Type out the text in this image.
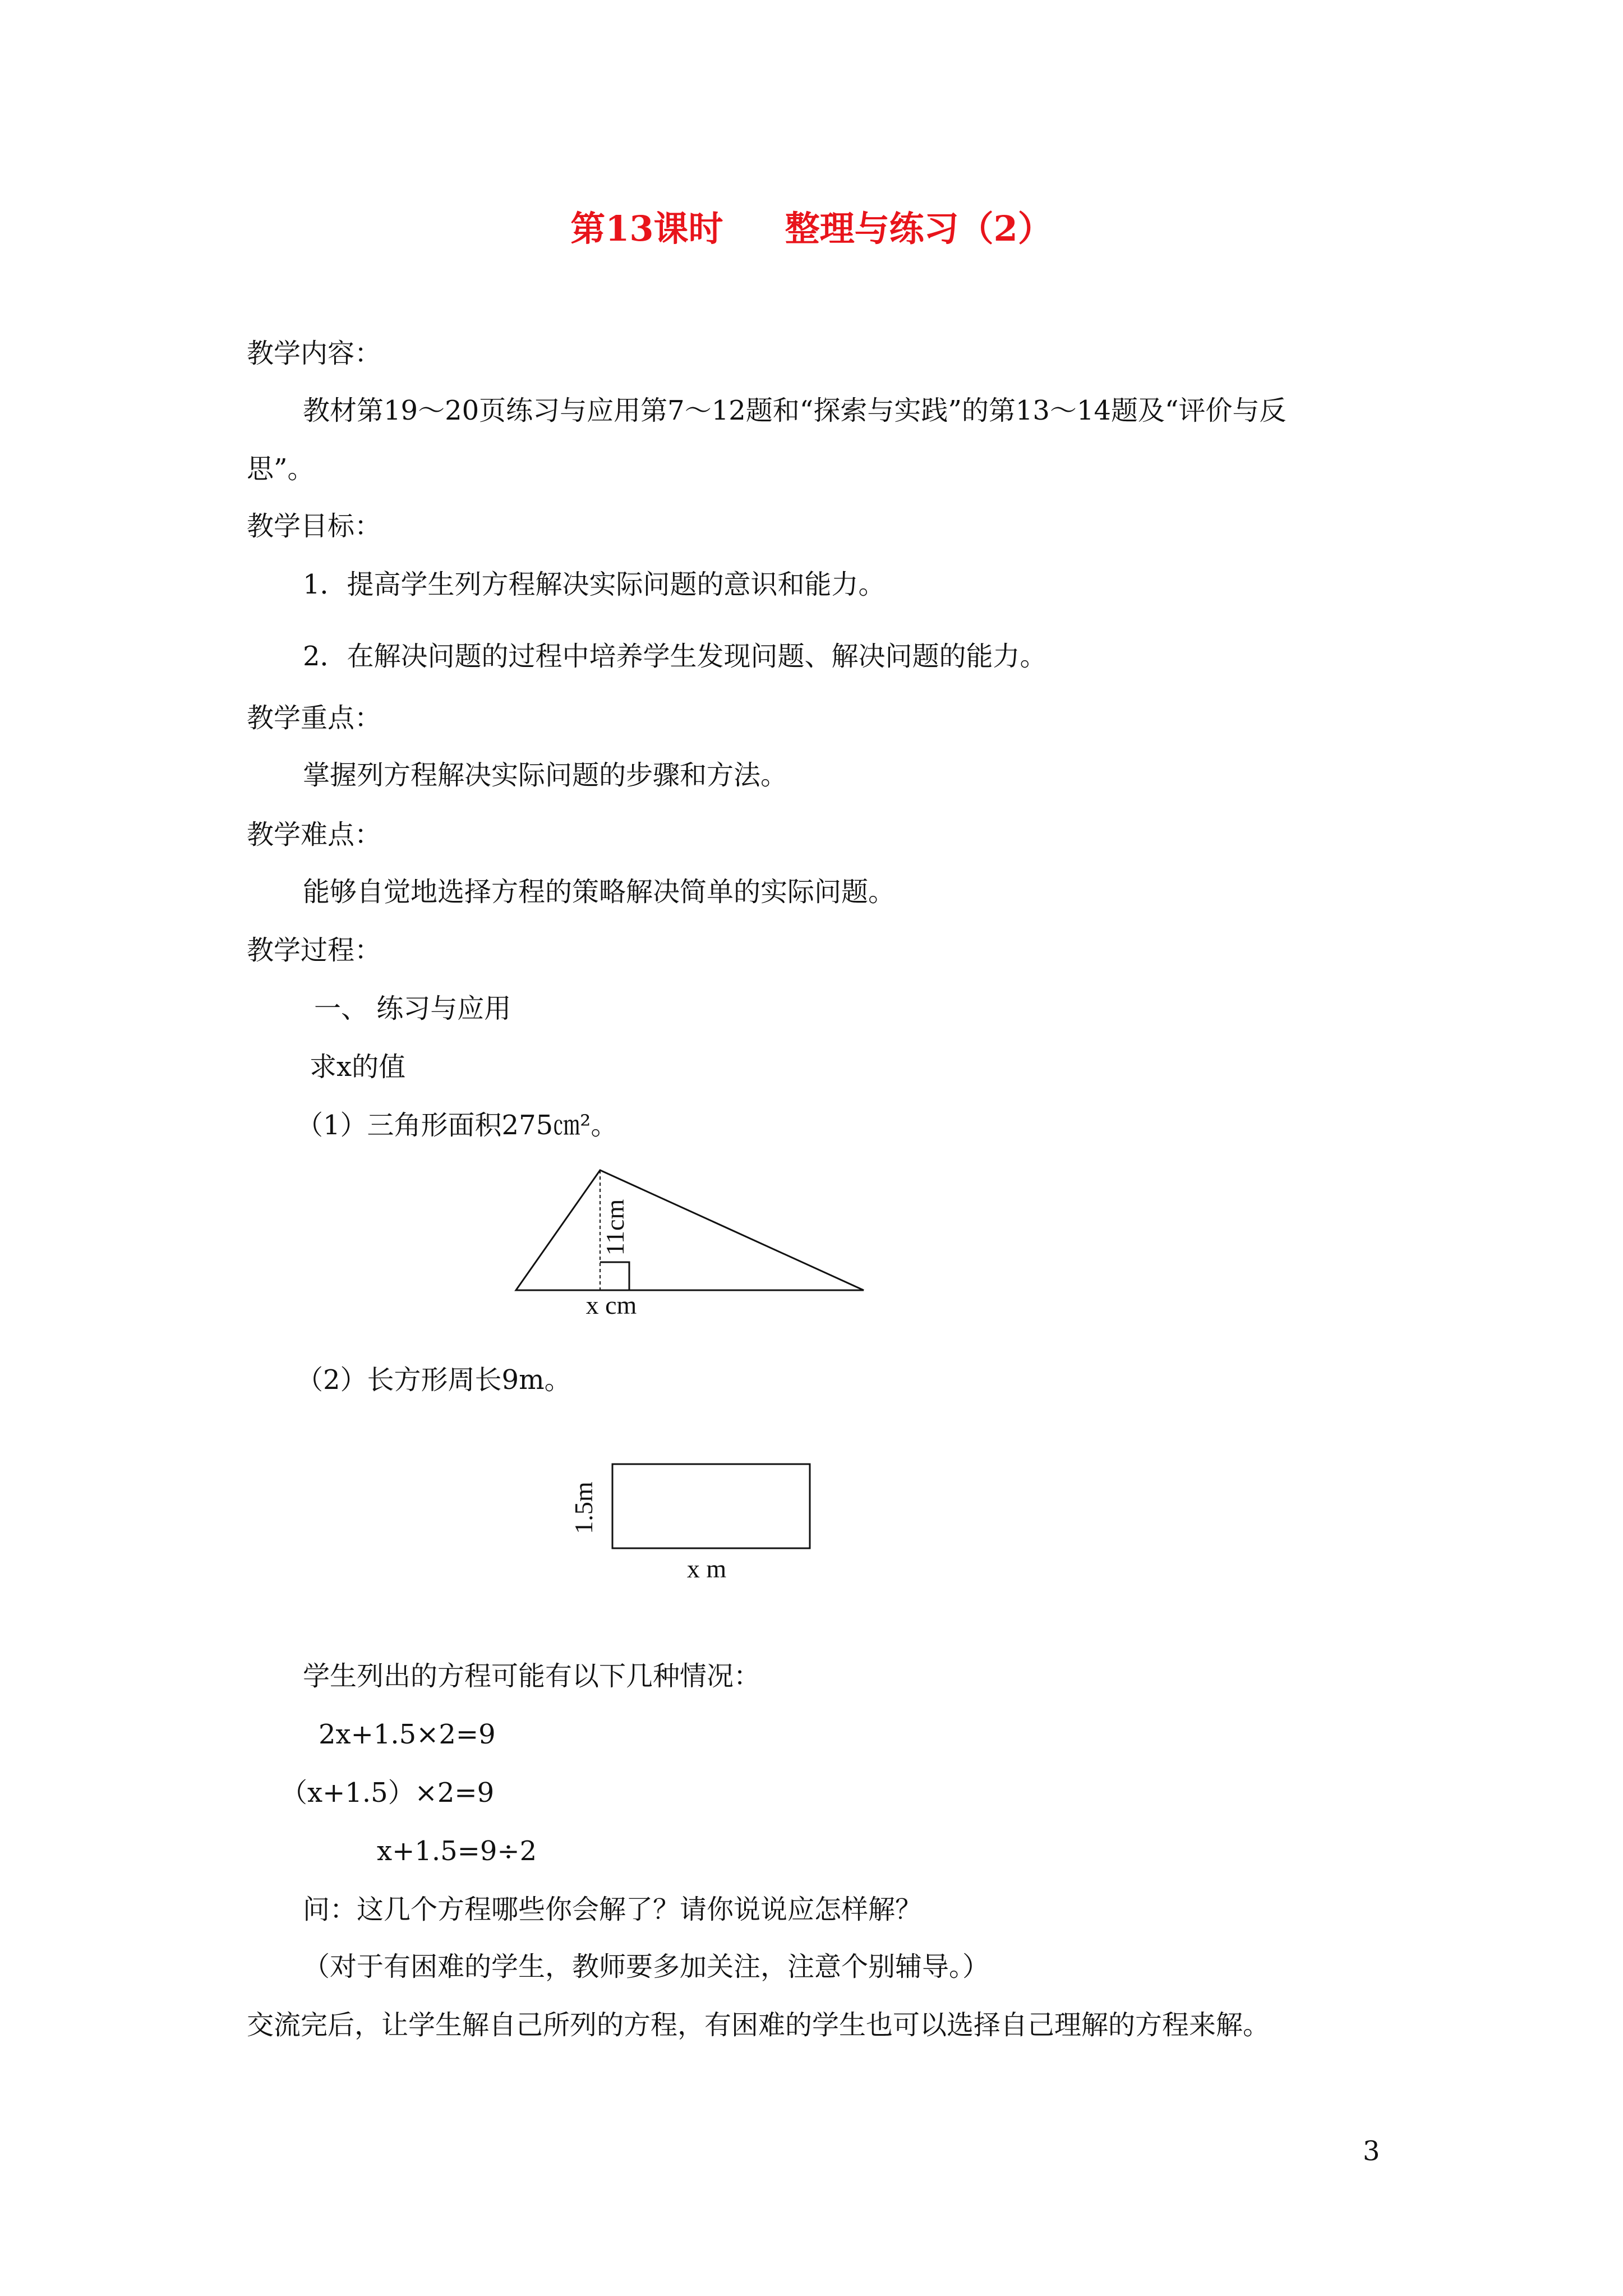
第13课时 整理与练习（2）
教学内容：
教材第19～20页练习与应用第7～12题和“探索与实践”的第13～14题及“评价与反
思”。
教学目标：
1．提高学生列方程解决实际问题的意识和能力。
2．在解决问题的过程中培养学生发现问题、解决问题的能力。
教学重点：
掌握列方程解决实际问题的步骤和方法。
教学难点：
能够自觉地选择方程的策略解决简单的实际问题。
教学过程：
一、 练习与应用
求x的值
（1）三角形面积275㎝²。
11cm
x cm
（2）长方形周长9m。
1.5m
x m
学生列出的方程可能有以下几种情况：
2x+1.5×2=9
（x+1.5）×2=9
x+1.5=9÷2
问：这几个方程哪些你会解了？请你说说应怎样解？
（对于有困难的学生，教师要多加关注，注意个别辅导。）
交流完后，让学生解自己所列的方程，有困难的学生也可以选择自己理解的方程来解。
3
